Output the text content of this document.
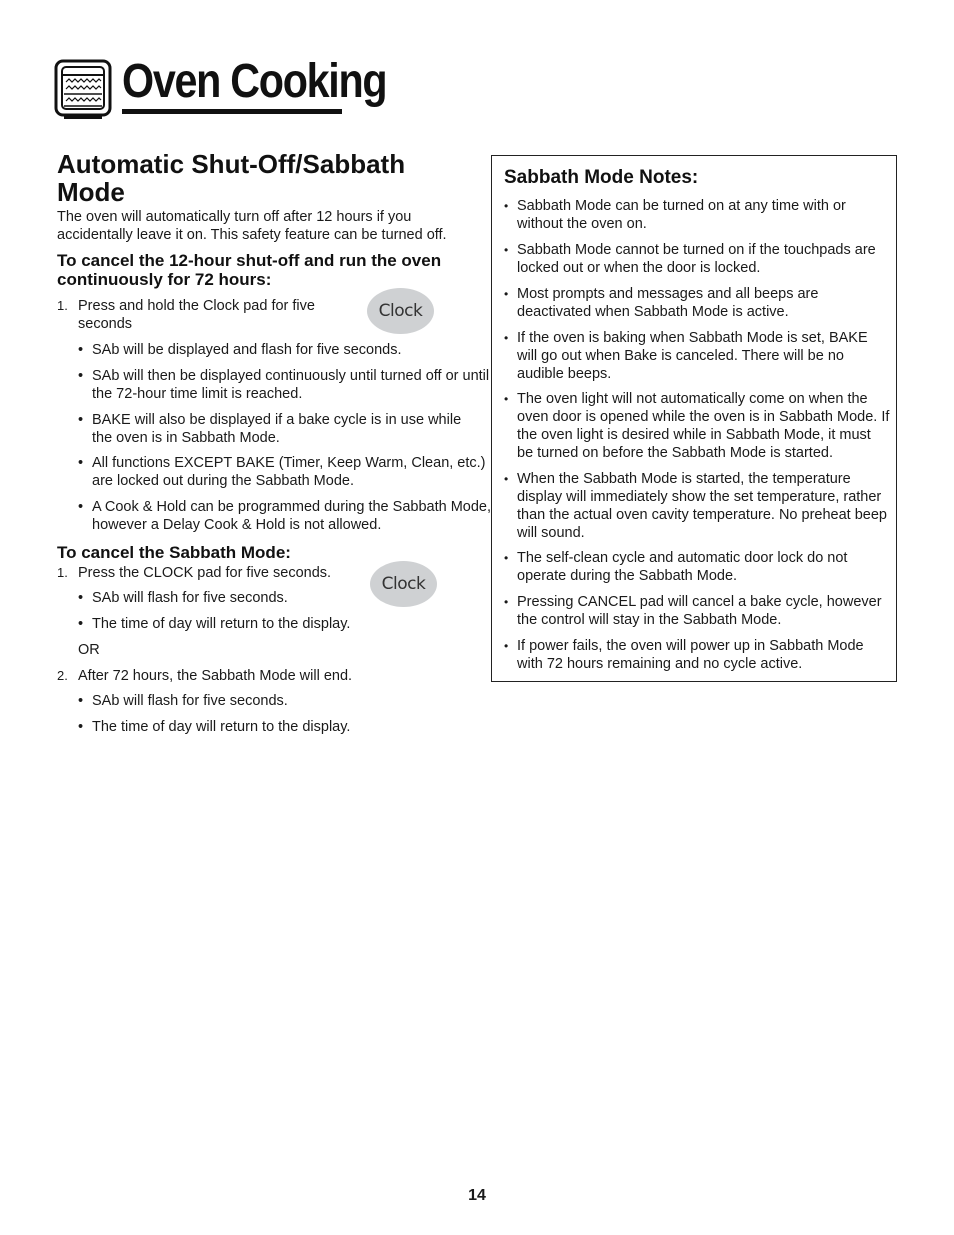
Oven Cooking
Automatic Shut-Off/Sabbath Mode

The oven will automatically turn off after 12 hours if you accidentally leave it on. This safety feature can be turned off.

To cancel the 12-hour shut-off and run the oven continuously for 72 hours:
1. Press and hold the Clock pad for five seconds
Clock
• SAb will be displayed and flash for five seconds.
• SAb will then be displayed continuously until turned off or until the 72-hour time limit is reached.
• BAKE will also be displayed if a bake cycle is in use while the oven is in Sabbath Mode.
• All functions EXCEPT BAKE (Timer, Keep Warm, Clean, etc.) are locked out during the Sabbath Mode.
• A Cook & Hold can be programmed during the Sabbath Mode, however a Delay Cook & Hold is not allowed.
To cancel the Sabbath Mode:
1. Press the CLOCK pad for five seconds.
Clock
• SAb will flash for five seconds.
• The time of day will return to the display.
OR
2. After 72 hours, the Sabbath Mode will end.
• SAb will flash for five seconds.
• The time of day will return to the display.
Sabbath Mode Notes:
• Sabbath Mode can be turned on at any time with or without the oven on.
• Sabbath Mode cannot be turned on if the touchpads are locked out or when the door is locked.
• Most prompts and messages and all beeps are deactivated when Sabbath Mode is active.
• If the oven is baking when Sabbath Mode is set, BAKE will go out when Bake is canceled. There will be no audible beeps.
• The oven light will not automatically come on when the oven door is opened while the oven is in Sabbath Mode. If the oven light is desired while in Sabbath Mode, it must be turned on before the Sabbath Mode is started.
• When the Sabbath Mode is started, the temperature display will immediately show the set temperature, rather than the actual oven cavity temperature. No preheat beep will sound.
• The self-clean cycle and automatic door lock do not operate during the Sabbath Mode.
• Pressing CANCEL pad will cancel a bake cycle, however the control will stay in the Sabbath Mode.
• If power fails, the oven will power up in Sabbath Mode with 72 hours remaining and no cycle active.
14
